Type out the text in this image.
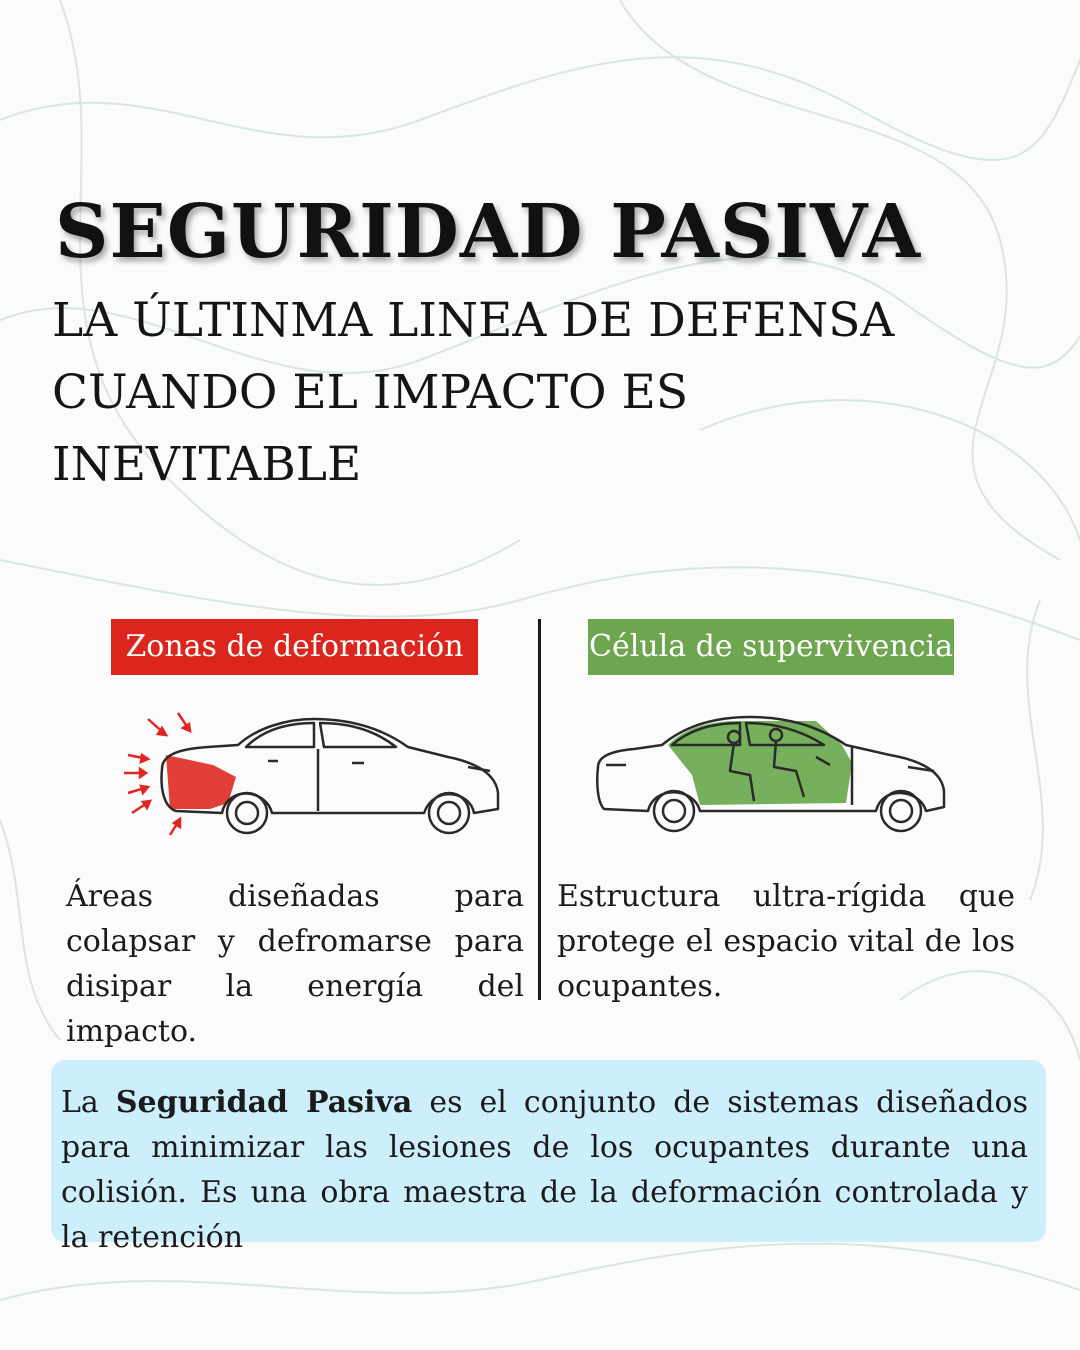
SEGURIDAD PASIVA
LA ÚLTINMA LINEA DE DEFENSA CUANDO EL IMPACTO ES INEVITABLE
Zonas de deformación	Célula de supervivencia

Áreas diseñadas para colapsar y defromarse para disipar la energía del impacto.

Estructura ultra-rígida que protege el espacio vital de los ocupantes.

La Seguridad Pasiva es el conjunto de sistemas diseñados para minimizar las lesiones de los ocupantes durante una colisión. Es una obra maestra de la deformación controlada y la retención
